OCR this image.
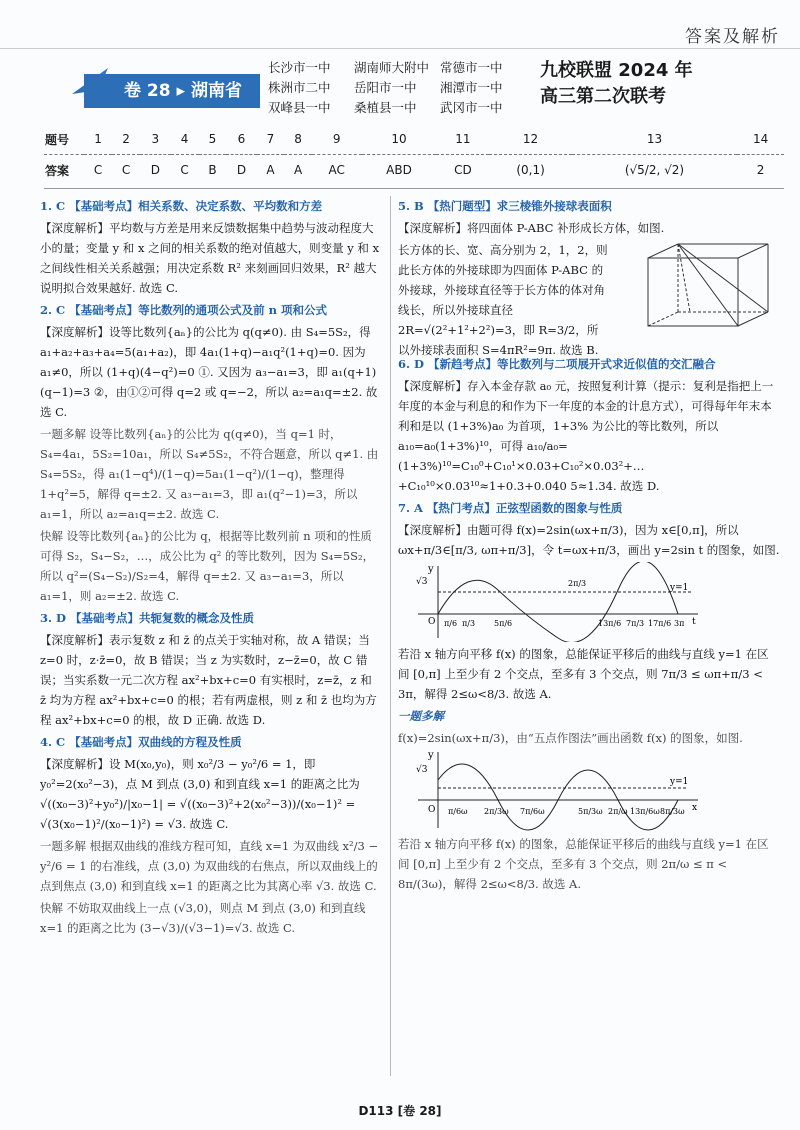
答案及解析
卷 28 ▸ 湖南省
长沙市一中 湖南师大附中 常德市一中
株洲市二中 岳阳市一中 湘潭市一中
双峰县一中 桑植县一中 武冈市一中
九校联盟 2024 年
高三第二次联考
题号	1	2	3	4	5	6	7	8	9	10	11	12	13	14
答案	C	C	D	C	B	D	A	A	AC	ABD	CD	(0,1)	(√5/2, √2)	2

1. C 【基础考点】相关系数、决定系数、平均数和方差

【深度解析】平均数与方差是用来反馈数据集中趋势与波动程度大小的量；变量 y 和 x 之间的相关系数的绝对值越大，则变量 y 和 x 之间线性相关关系越强；用决定系数 R² 来刻画回归效果，R² 越大说明拟合效果越好. 故选 C.

2. C 【基础考点】等比数列的通项公式及前 n 项和公式

【深度解析】设等比数列{aₙ}的公比为 q(q≠0). 由 S₄=5S₂，得 a₁+a₂+a₃+a₄=5(a₁+a₂)，即 4a₁(1+q)−a₁q²(1+q)=0. 因为 a₁≠0，所以 (1+q)(4−q²)=0 ①. 又因为 a₃−a₁=3，即 a₁(q+1)(q−1)=3 ②，由①②可得 q=2 或 q=−2，所以 a₂=a₁q=±2. 故选 C.

一题多解 设等比数列{aₙ}的公比为 q(q≠0)，当 q=1 时，S₄=4a₁，5S₂=10a₁，所以 S₄≠5S₂，不符合题意，所以 q≠1. 由 S₄=5S₂，得 a₁(1−q⁴)/(1−q)=5a₁(1−q²)/(1−q)，整理得 1+q²=5，解得 q=±2. 又 a₃−a₁=3，即 a₁(q²−1)=3，所以 a₁=1，所以 a₂=a₁q=±2. 故选 C.

快解 设等比数列{aₙ}的公比为 q，根据等比数列前 n 项和的性质可得 S₂，S₄−S₂，…，成公比为 q² 的等比数列，因为 S₄=5S₂，所以 q²=(S₄−S₂)/S₂=4，解得 q=±2. 又 a₃−a₁=3，所以 a₁=1，则 a₂=±2. 故选 C.

3. D 【基础考点】共轭复数的概念及性质

【深度解析】表示复数 z 和 z̄ 的点关于实轴对称，故 A 错误；当 z=0 时，z·z̄=0，故 B 错误；当 z 为实数时，z−z̄=0，故 C 错误；当实系数一元二次方程 ax²+bx+c=0 有实根时，z=z̄，z 和 z̄ 均为方程 ax²+bx+c=0 的根；若有两虚根，则 z 和 z̄ 也均为方程 ax²+bx+c=0 的根，故 D 正确. 故选 D.

4. C 【基础考点】双曲线的方程及性质

【深度解析】设 M(x₀,y₀)，则 x₀²/3 − y₀²/6 = 1，即 y₀²=2(x₀²−3)，点 M 到点 (3,0) 和到直线 x=1 的距离之比为 √((x₀−3)²+y₀²)/|x₀−1| = √((x₀−3)²+2(x₀²−3))/(x₀−1)² = √(3(x₀−1)²/(x₀−1)²) = √3. 故选 C.

一题多解 根据双曲线的准线方程可知，直线 x=1 为双曲线 x²/3 − y²/6 = 1 的右准线，点 (3,0) 为双曲线的右焦点，所以双曲线上的点到焦点 (3,0) 和到直线 x=1 的距离之比为其离心率 √3. 故选 C.

快解 不妨取双曲线上一点 (√3,0)，则点 M 到点 (3,0) 和到直线 x=1 的距离之比为 (3−√3)/(√3−1)=√3. 故选 C.

5. B 【热门题型】求三棱锥外接球表面积

【深度解析】将四面体 P-ABC 补形成长方体，如图.

长方体的长、宽、高分别为 2，1，2，则此长方体的外接球即为四面体 P-ABC 的外接球，外接球直径等于长方体的体对角线长，所以外接球直径 2R=√(2²+1²+2²)=3，即 R=3/2，所以外接球表面积 S=4πR²=9π. 故选 B.

6. D 【新趋考点】等比数列与二项展开式求近似值的交汇融合

【深度解析】存入本金存款 a₀ 元，按照复利计算（提示：复利是指把上一年度的本金与利息的和作为下一年度的本金的计息方式），可得每年年末本利和是以 (1+3%)a₀ 为首项，1+3% 为公比的等比数列，所以 a₁₀=a₀(1+3%)¹⁰，可得 a₁₀/a₀=(1+3%)¹⁰=C₁₀⁰+C₁₀¹×0.03+C₁₀²×0.03²+…+C₁₀¹⁰×0.03¹⁰≈1+0.3+0.040 5≈1.34. 故选 D.

7. A 【热门考点】正弦型函数的图象与性质

【深度解析】由题可得 f(x)=2sin(ωx+π/3)，因为 x∈[0,π]，所以 ωx+π/3∈[π/3, ωπ+π/3]，令 t=ωx+π/3，画出 y=2sin t 的图象，如图.

y
√3
O
y=1
π/6 π/3 5π/6
2π/3
13π/6 7π/3 17π/6 3π t

若沿 x 轴方向平移 f(x) 的图象，总能保证平移后的曲线与直线 y=1 在区间 [0,π] 上至少有 2 个交点，至多有 3 个交点，则 7π/3 ≤ ωπ+π/3 < 3π，解得 2≤ω<8/3. 故选 A.

一题多解

f(x)=2sin(ωx+π/3)，由“五点作图法”画出函数 f(x) 的图象，如图.

y
√3
O
y=1
π/6ω 2π/3ω 7π/6ω	5π/3ω 2π/ω 13π/6ω 8π/3ω x

若沿 x 轴方向平移 f(x) 的图象，总能保证平移后的曲线与直线 y=1 在区间 [0,π] 上至少有 2 个交点，至多有 3 个交点，则 2π/ω ≤ π < 8π/(3ω)，解得 2≤ω<8/3. 故选 A.

D113 [卷 28]
